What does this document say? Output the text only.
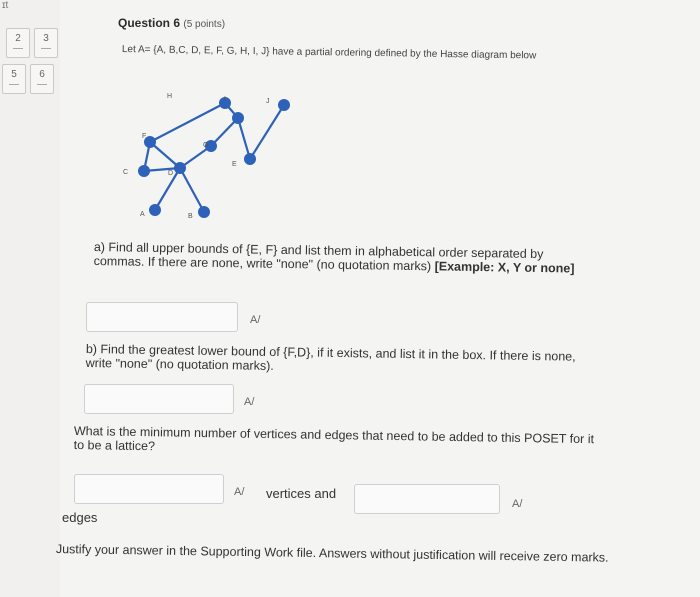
ɪt
2	3
5	6
Question 6 (5 points)
Let A= {A, B,C, D, E, F, G, H, I, J} have a partial ordering defined by the Hasse diagram below
H	I	J
F
G
E
C	D
A	B
a) Find all upper bounds of {E, F} and list them in alphabetical order separated by commas. If there are none, write "none" (no quotation marks) [Example: X, Y or none]
A/
b) Find the greatest lower bound of {F,D}, if it exists, and list it in the box. If there is none, write "none" (no quotation marks).
A/
What is the minimum number of vertices and edges that need to be added to this POSET for it to be a lattice?
A/ vertices and
A/
edges
Justify your answer in the Supporting Work file. Answers without justification will receive zero marks.
